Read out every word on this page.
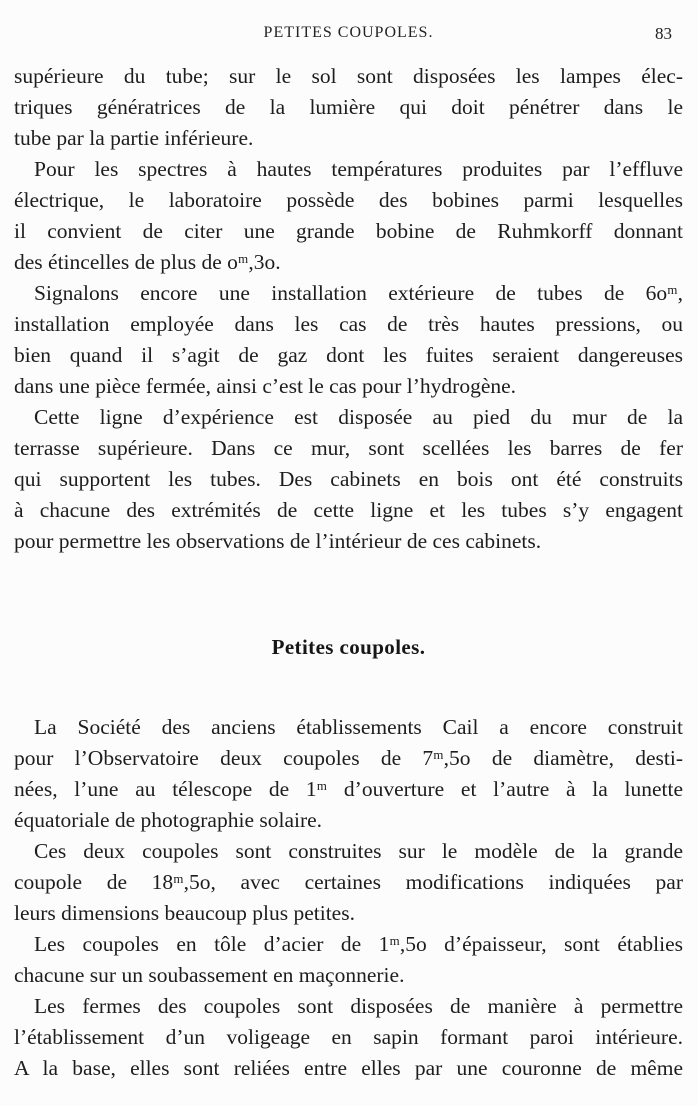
PETITES COUPOLES.	83
supérieure du tube; sur le sol sont disposées les lampes élec-
triques génératrices de la lumière qui doit pénétrer dans le
tube par la partie inférieure.
Pour les spectres à hautes températures produites par l’effluve
électrique, le laboratoire possède des bobines parmi lesquelles
il convient de citer une grande bobine de Ruhmkorff donnant
des étincelles de plus de oᵐ,3o.
Signalons encore une installation extérieure de tubes de 6oᵐ,
installation employée dans les cas de très hautes pressions, ou
bien quand il s’agit de gaz dont les fuites seraient dangereuses
dans une pièce fermée, ainsi c’est le cas pour l’hydrogène.
Cette ligne d’expérience est disposée au pied du mur de la
terrasse supérieure. Dans ce mur, sont scellées les barres de fer
qui supportent les tubes. Des cabinets en bois ont été construits
à chacune des extrémités de cette ligne et les tubes s’y engagent
pour permettre les observations de l’intérieur de ces cabinets.
Petites coupoles.
La Société des anciens établissements Cail a encore construit
pour l’Observatoire deux coupoles de 7ᵐ,5o de diamètre, desti-
nées, l’une au télescope de 1ᵐ d’ouverture et l’autre à la lunette
équatoriale de photographie solaire.
Ces deux coupoles sont construites sur le modèle de la grande
coupole de 18ᵐ,5o, avec certaines modifications indiquées par
leurs dimensions beaucoup plus petites.
Les coupoles en tôle d’acier de 1ᵐ,5o d’épaisseur, sont établies
chacune sur un soubassement en maçonnerie.
Les fermes des coupoles sont disposées de manière à permettre
l’établissement d’un voligeage en sapin formant paroi intérieure.
A la base, elles sont reliées entre elles par une couronne de même
